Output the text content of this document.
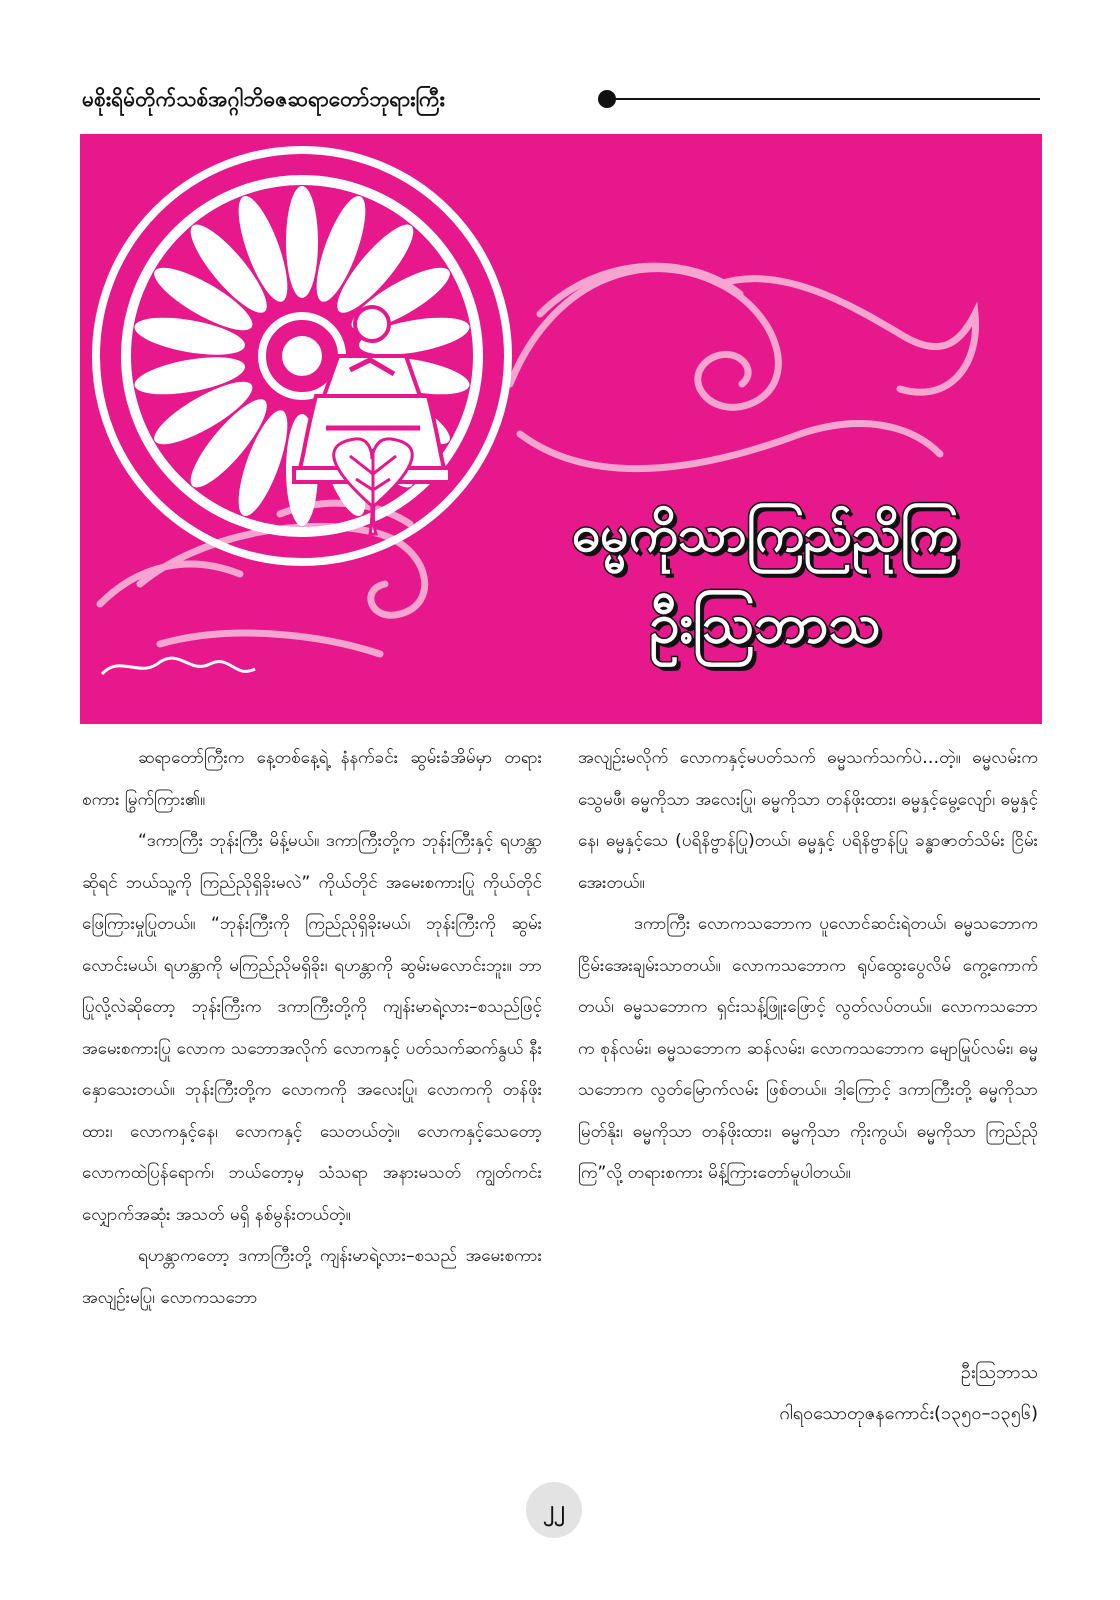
မစိုးရိမ်တိုက်သစ်အဂ္ဂါဘိဓဇဆရာတော်ဘုရားကြီး
ဓမ္မကိုသာကြည်ညိုကြ
ဦးသြဘာသ

ဆရာတော်ကြီးက နေ့တစ်နေ့ရဲ့ နံနက်ခင်း ဆွမ်းခံအိမ်မှာ တရားစကား မြွက်ကြား၏။

“ဒကာကြီး ဘုန်းကြီး မိန့်မယ်။ ဒကာကြီးတို့က ဘုန်းကြီးနှင့် ရဟန္တာဆိုရင် ဘယ်သူ့ကို ကြည်ညိုရှိခိုးမလဲ” ကိုယ်တိုင် အမေးစကားပြု ကိုယ်တိုင်ဖြေကြားမှုပြုတယ်။ “ဘုန်းကြီးကို ကြည်ညိုရှိခိုးမယ်၊ ဘုန်းကြီးကို ဆွမ်းလောင်းမယ်၊ ရဟန္တာကို မကြည်ညိုမရှိခိုး၊ ရဟန္တာကို ဆွမ်းမလောင်းဘူး။ ဘာပြုလို့လဲဆိုတော့ ဘုန်းကြီးက ဒကာကြီးတို့ကို ကျန်းမာရဲ့လား–စသည်ဖြင့် အမေးစကားပြု လောက သဘောအလိုက် လောကနှင့် ပတ်သက်ဆက်နွယ် နီးနှောသေးတယ်။ ဘုန်းကြီးတို့က လောကကို အလေးပြု၊ လောကကို တန်ဖိုးထား၊ လောကနှင့်နေ၊ လောကနှင့် သေတယ်တဲ့။ လောကနှင့်သေတော့ လောကထဲပြန်ရောက်၊ ဘယ်တော့မှ သံသရာ အနားမသတ် ကျွတ်ကင်းလျှောက်အဆုံး အသတ် မရှိ နစ်မွန်းတယ်တဲ့။

ရဟန္တာကတော့ ဒကာကြီးတို့ ကျန်းမာရဲ့လား–စသည် အမေးစကား အလျဉ်းမပြု၊ လောကသဘော

အလျဉ်းမလိုက် လောကနှင့်မပတ်သက် ဓမ္မသက်သက်ပဲ…တဲ့။ ဓမ္မလမ်းက သွေမဖီ၊ ဓမ္မကိုသာ အလေးပြု၊ ဓမ္မကိုသာ တန်ဖိုးထား၊ ဓမ္မနှင့်မွေ့လျော်၊ ဓမ္မနှင့်နေ၊ ဓမ္မနှင့်သေ (ပရိနိဗ္ဗာန်ပြု)တယ်၊ ဓမ္မနှင့် ပရိနိဗ္ဗာန်ပြု ခန္ဓာဇာတ်သိမ်း ငြိမ်းအေးတယ်။

ဒကာကြီး လောကသဘောက ပူလောင်ဆင်းရဲတယ်၊ ဓမ္မသဘောက ငြိမ်းအေးချမ်းသာတယ်။ လောကသဘောက ရုပ်ထွေးပွေလိမ် ကွေ့ကောက်တယ်၊ ဓမ္မသဘောက ရှင်းသန့်ဖြူးဖြောင့် လွတ်လပ်တယ်။ လောကသဘောက စုန်လမ်း၊ ဓမ္မသဘောက ဆန်လမ်း၊ လောကသဘောက မျောမြုပ်လမ်း၊ ဓမ္မသဘောက လွတ်မြောက်လမ်း ဖြစ်တယ်။ ဒါ့ကြောင့် ဒကာကြီးတို့ ဓမ္မကိုသာ မြတ်နိုး၊ ဓမ္မကိုသာ တန်ဖိုးထား၊ ဓမ္မကိုသာ ကိုးကွယ်၊ ဓမ္မကိုသာ ကြည်ညိုကြ”လို့ တရားစကား မိန့်ကြားတော်မူပါတယ်။

ဦးသြဘာသ
ဂါရဝသောတုဇနကောင်း(၁၃၅၀–၁၃၅၆)
၂၂
